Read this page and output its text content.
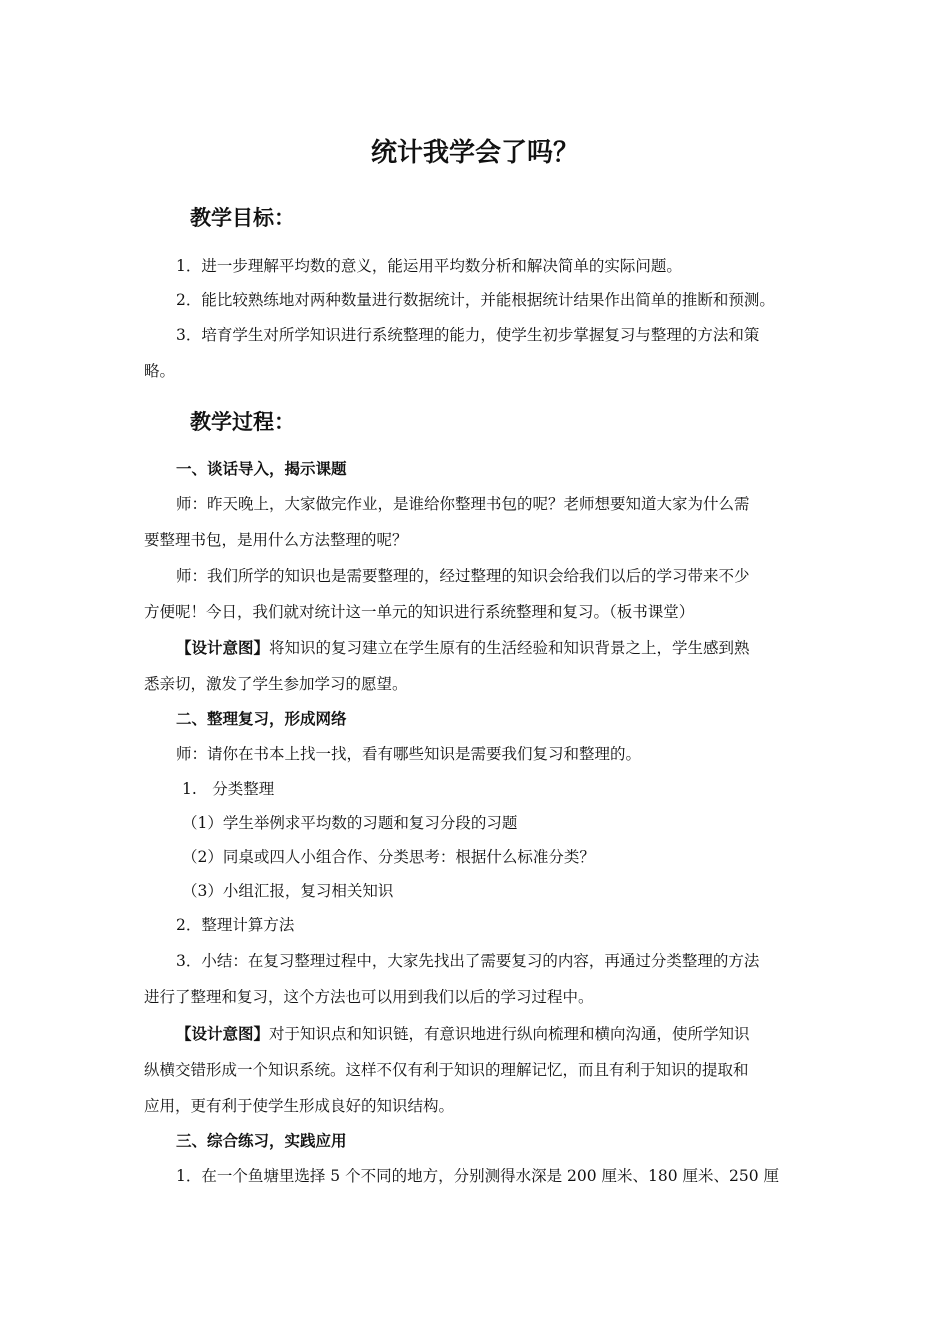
统计我学会了吗？
教学目标：
1．进一步理解平均数的意义，能运用平均数分析和解决简单的实际问题。
2．能比较熟练地对两种数量进行数据统计，并能根据统计结果作出简单的推断和预测。
3．培育学生对所学知识进行系统整理的能力，使学生初步掌握复习与整理的方法和策
略。
教学过程：
一、谈话导入，揭示课题
师：昨天晚上，大家做完作业，是谁给你整理书包的呢？老师想要知道大家为什么需
要整理书包，是用什么方法整理的呢？
师：我们所学的知识也是需要整理的，经过整理的知识会给我们以后的学习带来不少
方便呢！今日，我们就对统计这一单元的知识进行系统整理和复习。（板书课堂）
【设计意图】将知识的复习建立在学生原有的生活经验和知识背景之上，学生感到熟
悉亲切，激发了学生参加学习的愿望。
二、整理复习，形成网络
师：请你在书本上找一找，看有哪些知识是需要我们复习和整理的。
1.　分类整理
（1）学生举例求平均数的习题和复习分段的习题
（2）同桌或四人小组合作、分类思考：根据什么标准分类？
（3）小组汇报，复习相关知识
2．整理计算方法
3．小结：在复习整理过程中，大家先找出了需要复习的内容，再通过分类整理的方法
进行了整理和复习，这个方法也可以用到我们以后的学习过程中。
【设计意图】对于知识点和知识链，有意识地进行纵向梳理和横向沟通，使所学知识
纵横交错形成一个知识系统。这样不仅有利于知识的理解记忆，而且有利于知识的提取和
应用，更有利于使学生形成良好的知识结构。
三、综合练习，实践应用
1．在一个鱼塘里选择 5 个不同的地方，分别测得水深是 200 厘米、180 厘米、250 厘
